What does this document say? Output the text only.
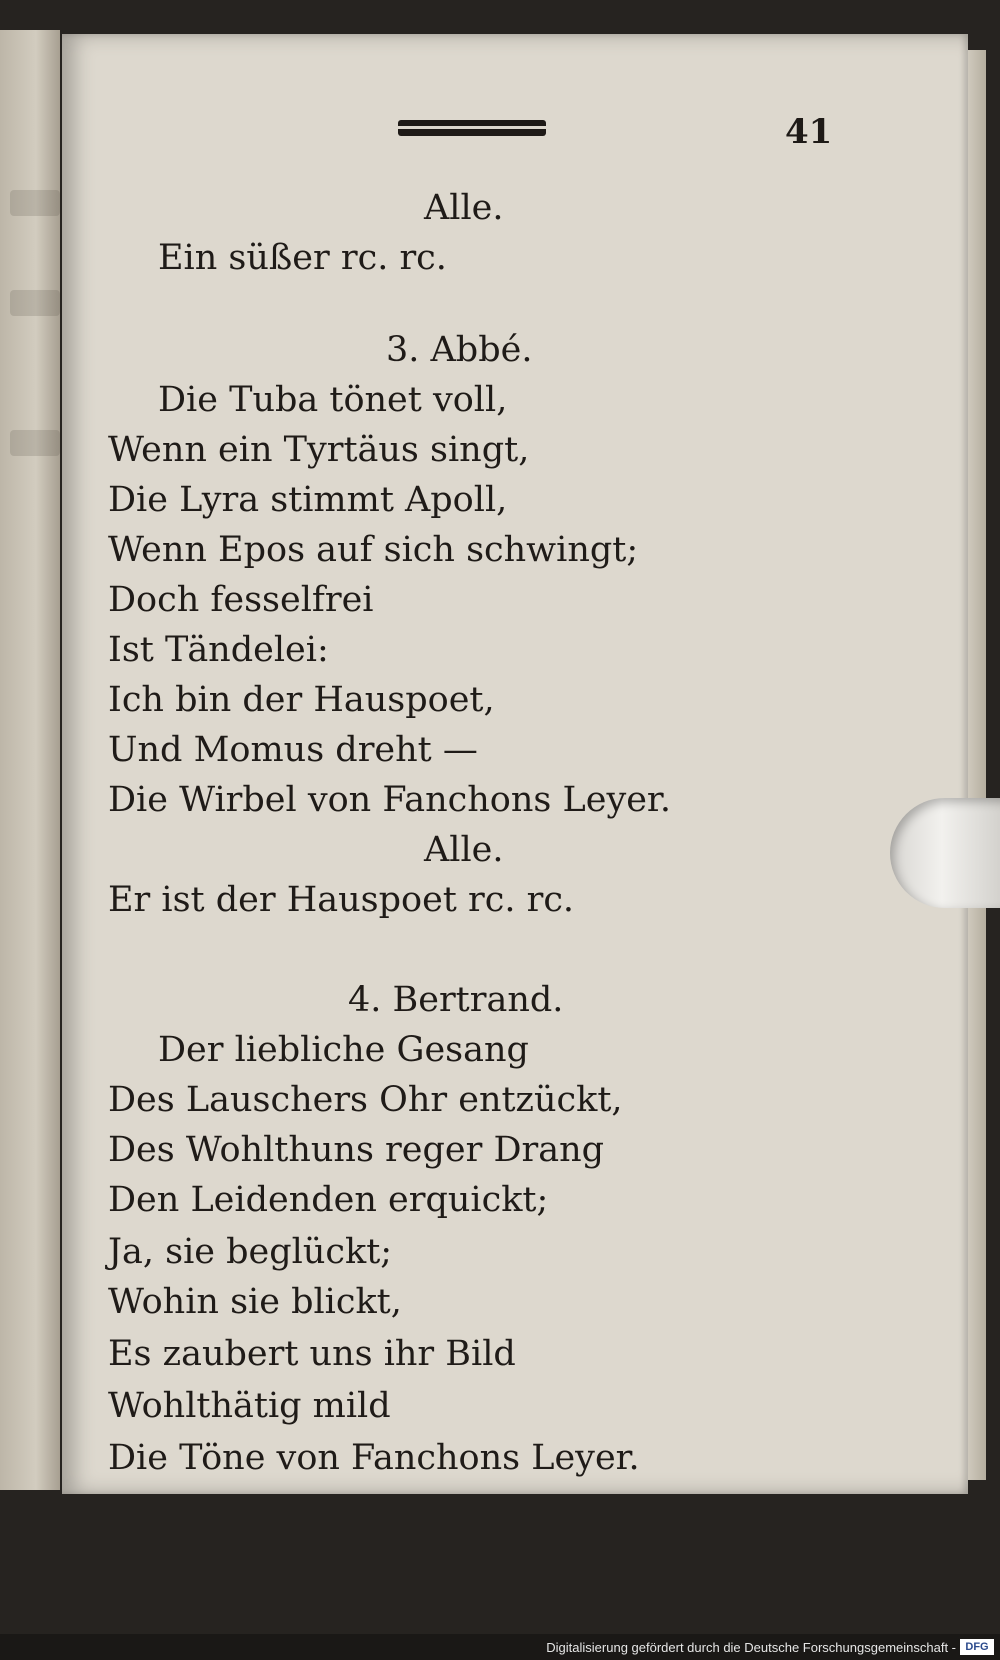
41
Alle.
Ein süßer rc. rc.
3. Abbé.
Die Tuba tönet voll,
Wenn ein Tyrtäus singt,
Die Lyra stimmt Apoll,
Wenn Epos auf sich schwingt;
Doch fesselfrei
Ist Tändelei:
Ich bin der Hauspoet,
Und Momus dreht —
Die Wirbel von Fanchons Leyer.
Alle.
Er ist der Hauspoet rc. rc.
4. Bertrand.
Der liebliche Gesang
Des Lauschers Ohr entzückt,
Des Wohlthuns reger Drang
Den Leidenden erquickt;
Ja, sie beglückt;
Wohin sie blickt,
Es zaubert uns ihr Bild
Wohlthätig mild
Die Töne von Fanchons Leyer.
Digitalisierung gefördert durch die Deutsche Forschungsgemeinschaft - DFG
